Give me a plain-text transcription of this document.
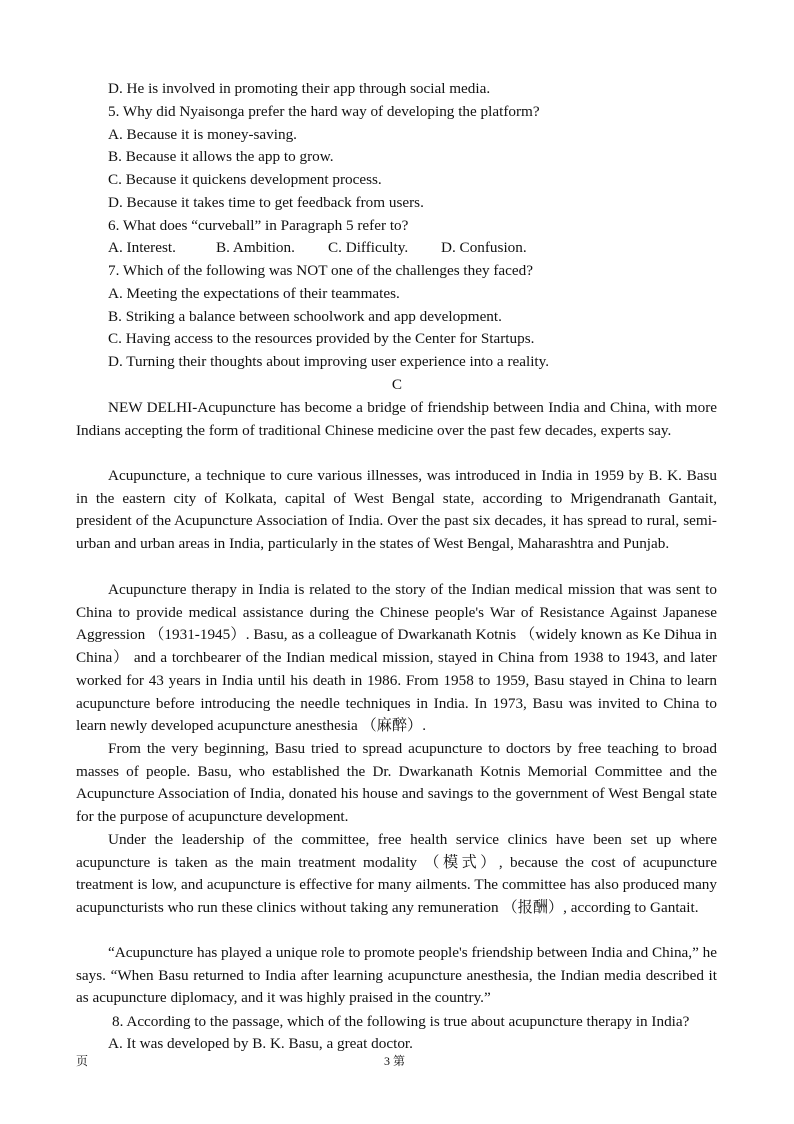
D. He is involved in promoting their app through social media.
5. Why did Nyaisonga prefer the hard way of developing the platform?
A. Because it is money-saving.
B. Because it allows the app to grow.
C. Because it quickens development process.
D. Because it takes time to get feedback from users.
6. What does “curveball” in Paragraph 5 refer to?
A. Interest.	B. Ambition. C. Difficulty. D. Confusion.
7. Which of the following was NOT one of the challenges they faced?
A. Meeting the expectations of their teammates.
B. Striking a balance between schoolwork and app development.
C. Having access to the resources provided by the Center for Startups.
D. Turning their thoughts about improving user experience into a reality.
C

NEW DELHI-Acupuncture has become a bridge of friendship between India and China, with more Indians accepting the form of traditional Chinese medicine over the past few decades, experts say.

Acupuncture, a technique to cure various illnesses, was introduced in India in 1959 by B. K. Basu in the eastern city of Kolkata, capital of West Bengal state, according to Mrigendranath Gantait, president of the Acupuncture Association of India. Over the past six decades, it has spread to rural, semi-urban and urban areas in India, particularly in the states of West Bengal, Maharashtra and Punjab.

Acupuncture therapy in India is related to the story of the Indian medical mission that was sent to China to provide medical assistance during the Chinese people's War of Resistance Against Japanese Aggression （1931-1945）. Basu, as a colleague of Dwarkanath Kotnis （widely known as Ke Dihua in China） and a torchbearer of the Indian medical mission, stayed in China from 1938 to 1943, and later worked for 43 years in India until his death in 1986. From 1958 to 1959, Basu stayed in China to learn acupuncture before introducing the needle techniques in India. In 1973, Basu was invited to China to learn newly developed acupuncture anesthesia （麻醉）.

From the very beginning, Basu tried to spread acupuncture to doctors by free teaching to broad masses of people. Basu, who established the Dr. Dwarkanath Kotnis Memorial Committee and the Acupuncture Association of India, donated his house and savings to the government of West Bengal state for the purpose of acupuncture development.

Under the leadership of the committee, free health service clinics have been set up where acupuncture is taken as the main treatment modality （模式）, because the cost of acupuncture treatment is low, and acupuncture is effective for many ailments. The committee has also produced many acupuncturists who run these clinics without taking any remuneration （报酬）, according to Gantait.

“Acupuncture has played a unique role to promote people's friendship between India and China,” he says. “When Basu returned to India after learning acupuncture anesthesia, the Indian media described it as acupuncture diplomacy, and it was highly praised in the country.”

8. According to the passage, which of the following is true about acupuncture therapy in India?
A. It was developed by B. K. Basu, a great doctor.
页	3 第
